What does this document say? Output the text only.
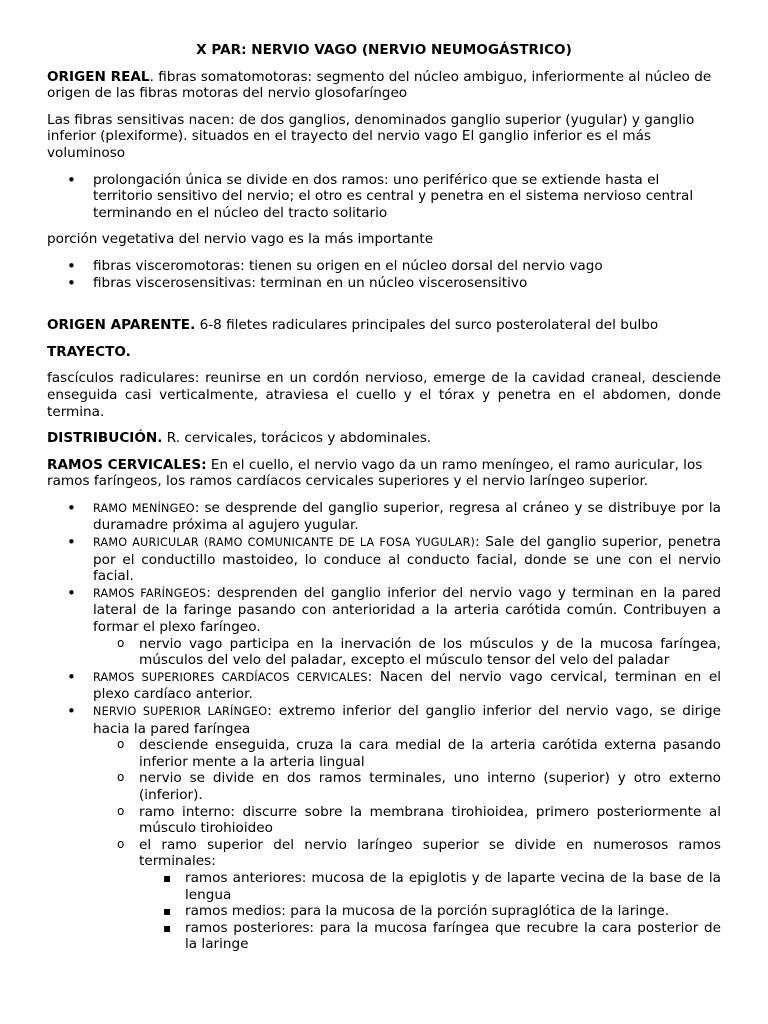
X PAR: NERVIO VAGO (NERVIO NEUMOGÁSTRICO)

ORIGEN REAL. fibras somatomotoras: segmento del núcleo ambiguo, inferiormente al núcleo de origen de las fibras motoras del nervio glosofaríngeo

Las fibras sensitivas nacen: de dos ganglios, denominados ganglio superior (yugular) y ganglio inferior (plexiforme). situados en el trayecto del nervio vago El ganglio inferior es el más voluminoso

• prolongación única se divide en dos ramos: uno periférico que se extiende hasta el territorio sensitivo del nervio; el otro es central y penetra en el sistema nervioso central terminando en el núcleo del tracto solitario

porción vegetativa del nervio vago es la más importante

• fibras visceromotoras: tienen su origen en el núcleo dorsal del nervio vago
• fibras viscerosensitivas: terminan en un núcleo viscerosensitivo

ORIGEN APARENTE. 6-8 filetes radiculares principales del surco posterolateral del bulbo

TRAYECTO.

fascículos radiculares: reunirse en un cordón nervioso, emerge de la cavidad craneal, desciende enseguida casi verticalmente, atraviesa el cuello y el tórax y penetra en el abdomen, donde termina.

DISTRIBUCIÓN. R. cervicales, torácicos y abdominales.

RAMOS CERVICALES: En el cuello, el nervio vago da un ramo meníngeo, el ramo auricular, los ramos faríngeos, los ramos cardíacos cervicales superiores y el nervio laríngeo superior.

• RAMO MENÍNGEO: se desprende del ganglio superior, regresa al cráneo y se distribuye por la duramadre próxima al agujero yugular.
• RAMO AURICULAR (RAMO COMUNICANTE DE LA FOSA YUGULAR): Sale del ganglio superior, penetra por el conductillo mastoideo, lo conduce al conducto facial, donde se une con el nervio facial.
• RAMOS FARÍNGEOS: desprenden del ganglio inferior del nervio vago y terminan en la pared lateral de la faringe pasando con anterioridad a la arteria carótida común. Contribuyen a formar el plexo faríngeo.
o nervio vago participa en la inervación de los músculos y de la mucosa faríngea, músculos del velo del paladar, excepto el músculo tensor del velo del paladar
• RAMOS SUPERIORES CARDÍACOS CERVICALES: Nacen del nervio vago cervical, terminan en el plexo cardíaco anterior.
• NERVIO SUPERIOR LARÍNGEO: extremo inferior del ganglio inferior del nervio vago, se dirige hacia la pared faríngea
o desciende enseguida, cruza la cara medial de la arteria carótida externa pasando inferior mente a la arteria lingual
o nervio se divide en dos ramos terminales, uno interno (superior) y otro externo (inferior).
o ramo interno: discurre sobre la membrana tirohioidea, primero posteriormente al músculo tirohioideo
o el ramo superior del nervio laríngeo superior se divide en numerosos ramos terminales:
▪ ramos anteriores: mucosa de la epiglotis y de laparte vecina de la base de la lengua
▪ ramos medios: para la mucosa de la porción supraglótica de la laringe.
▪ ramos posteriores: para la mucosa faríngea que recubre la cara posterior de la laringe
